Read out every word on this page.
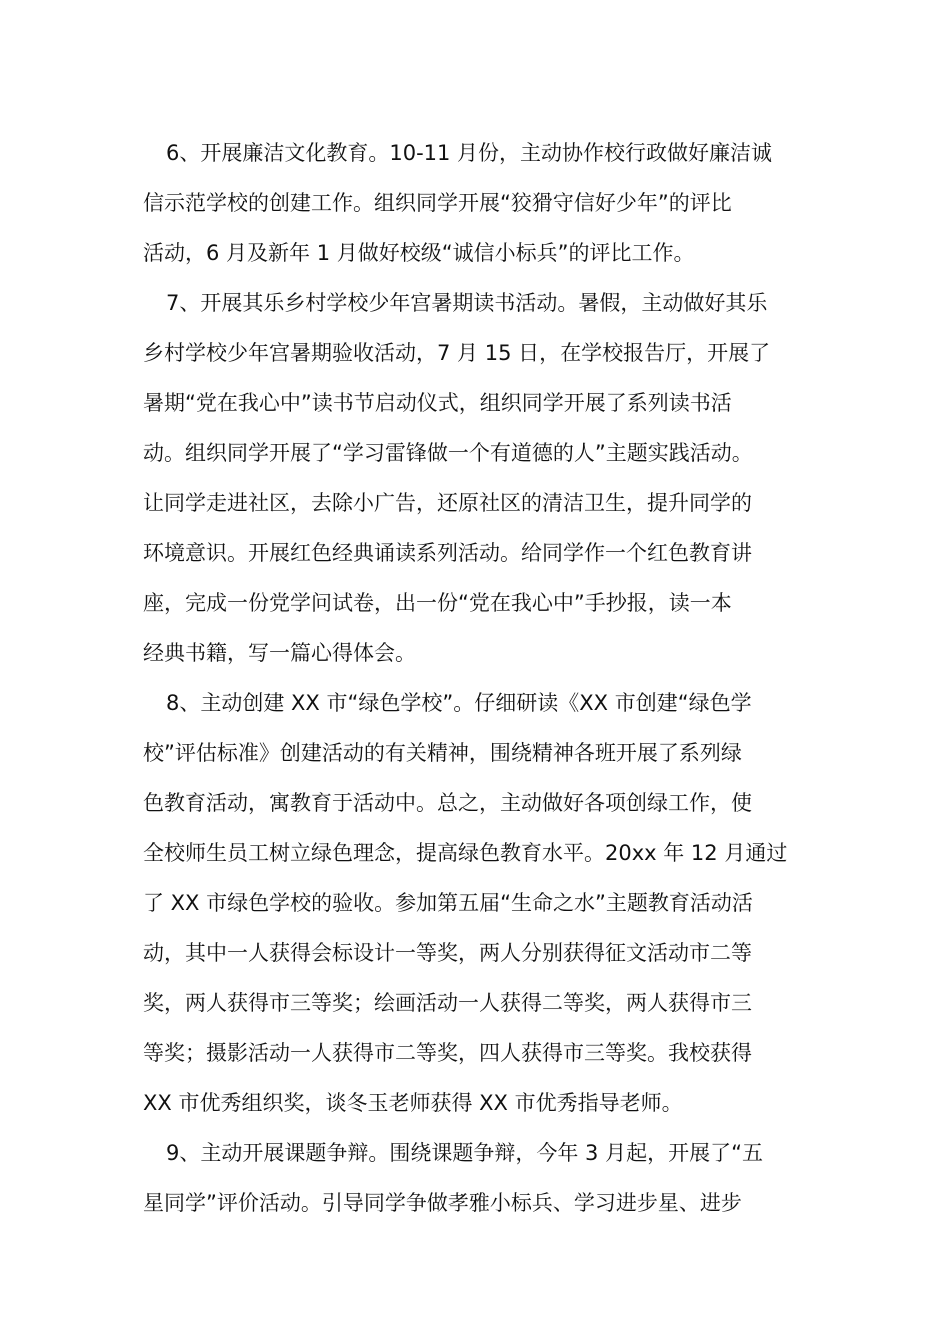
6、开展廉洁文化教育。10-11 月份，主动协作校行政做好廉洁诚
信示范学校的创建工作。组织同学开展“狡猾守信好少年”的评比
活动，6 月及新年 1 月做好校级“诚信小标兵”的评比工作。
7、开展其乐乡村学校少年宫暑期读书活动。暑假，主动做好其乐
乡村学校少年宫暑期验收活动，7 月 15 日，在学校报告厅，开展了
暑期“党在我心中”读书节启动仪式，组织同学开展了系列读书活
动。组织同学开展了“学习雷锋做一个有道德的人”主题实践活动。
让同学走进社区，去除小广告，还原社区的清洁卫生，提升同学的
环境意识。开展红色经典诵读系列活动。给同学作一个红色教育讲
座，完成一份党学问试卷，出一份“党在我心中”手抄报，读一本
经典书籍，写一篇心得体会。
8、主动创建 XX 市“绿色学校”。仔细研读《XX 市创建“绿色学
校”评估标准》创建活动的有关精神，围绕精神各班开展了系列绿
色教育活动，寓教育于活动中。总之，主动做好各项创绿工作，使
全校师生员工树立绿色理念，提高绿色教育水平。20xx 年 12 月通过
了 XX 市绿色学校的验收。参加第五届“生命之水”主题教育活动活
动，其中一人获得会标设计一等奖，两人分别获得征文活动市二等
奖，两人获得市三等奖；绘画活动一人获得二等奖，两人获得市三
等奖；摄影活动一人获得市二等奖，四人获得市三等奖。我校获得
XX 市优秀组织奖，谈冬玉老师获得 XX 市优秀指导老师。
9、主动开展课题争辩。围绕课题争辩，今年 3 月起，开展了“五
星同学”评价活动。引导同学争做孝雅小标兵、学习进步星、进步
